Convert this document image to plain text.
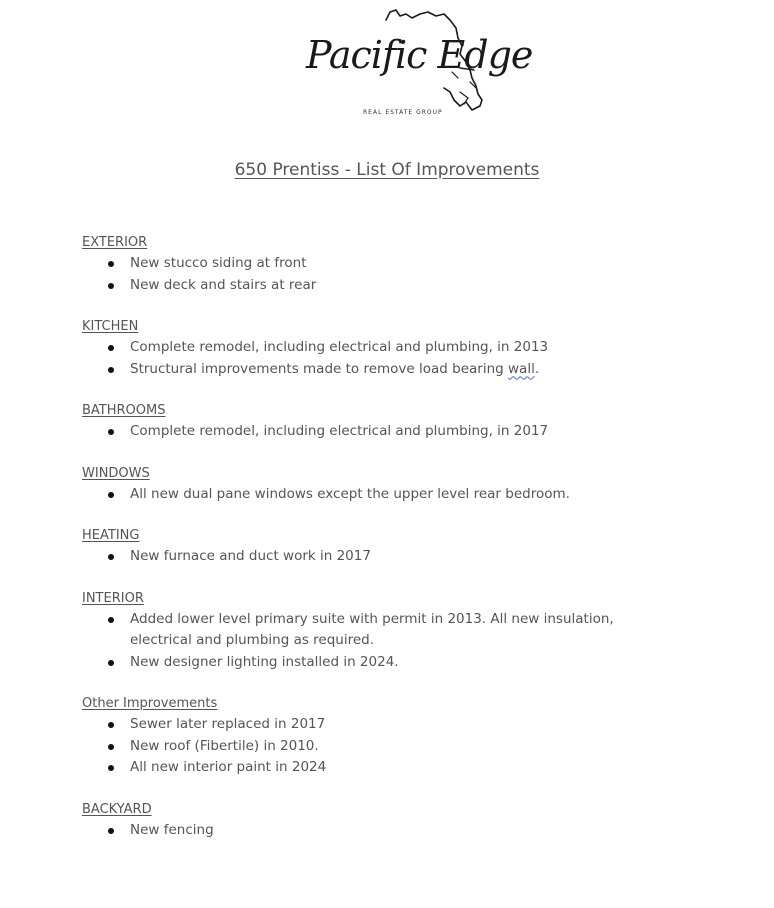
Pacific Edge
REAL ESTATE GROUP
650 Prentiss - List Of Improvements
EXTERIOR
New stucco siding at front
New deck and stairs at rear
KITCHEN
Complete remodel, including electrical and plumbing, in 2013
Structural improvements made to remove load bearing wall.
BATHROOMS
Complete remodel, including electrical and plumbing, in 2017
WINDOWS
All new dual pane windows except the upper level rear bedroom.
HEATING
New furnace and duct work in 2017
INTERIOR
Added lower level primary suite with permit in 2013. All new insulation, electrical and plumbing as required.
New designer lighting installed in 2024.
Other Improvements
Sewer later replaced in 2017
New roof (Fibertile) in 2010.
All new interior paint in 2024
BACKYARD
New fencing
